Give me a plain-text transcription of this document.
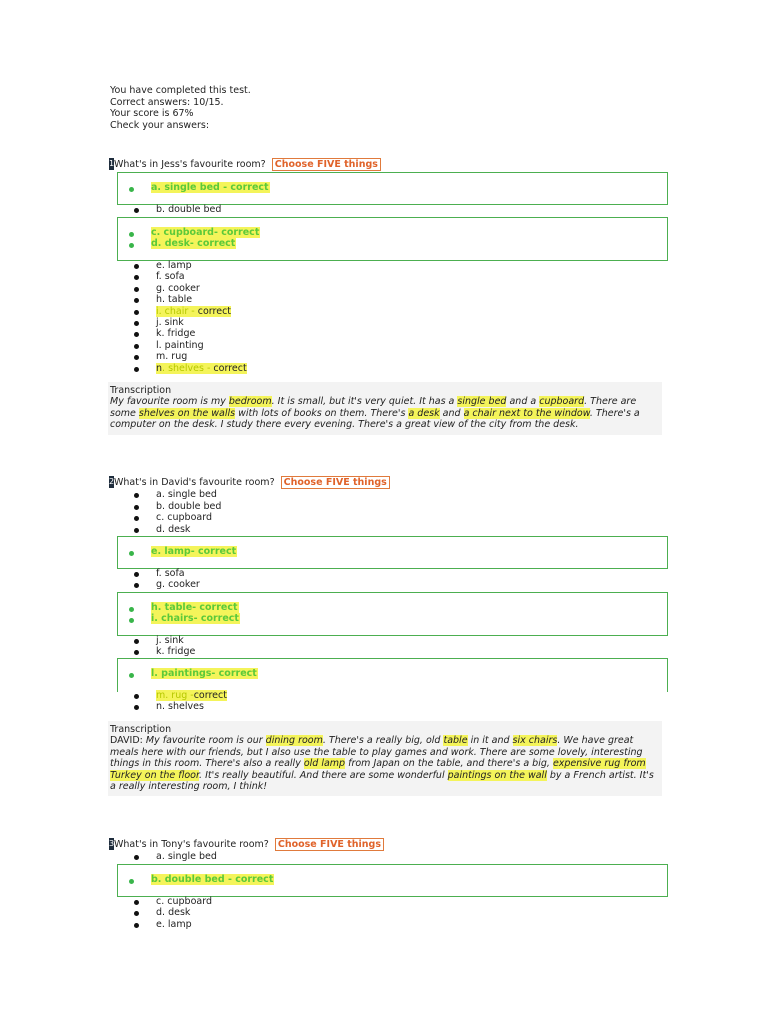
You have completed this test.
Correct answers: 10/15.
Your score is 67%
Check your answers:
1What's in Jess's favourite room? Choose FIVE things
a. single bed - correct
b. double bed
c. cupboard- correct
d. desk- correct
e. lamp
f. sofa
g. cooker
h. table
i. chair - correct
j. sink
k. fridge
l. painting
m. rug
n. shelves - correct
Transcription
My favourite room is my bedroom. It is small, but it's very quiet. It has a single bed and a cupboard. There are some shelves on the walls with lots of books on them. There's a desk and a chair next to the window. There's a computer on the desk. I study there every evening. There's a great view of the city from the desk.
2What's in David's favourite room? Choose FIVE things
a. single bed
b. double bed
c. cupboard
d. desk
e. lamp- correct
f. sofa
g. cooker
h. table- correct
i. chairs- correct
j. sink
k. fridge
l. paintings- correct
m. rug -correct
n. shelves
Transcription
DAVID: My favourite room is our dining room. There's a really big, old table in it and six chairs. We have great meals here with our friends, but I also use the table to play games and work. There are some lovely, interesting things in this room. There's also a really old lamp from Japan on the table, and there's a big, expensive rug from Turkey on the floor. It's really beautiful. And there are some wonderful paintings on the wall by a French artist. It's a really interesting room, I think!
3What's in Tony's favourite room? Choose FIVE things
a. single bed
b. double bed - correct
c. cupboard
d. desk
e. lamp
